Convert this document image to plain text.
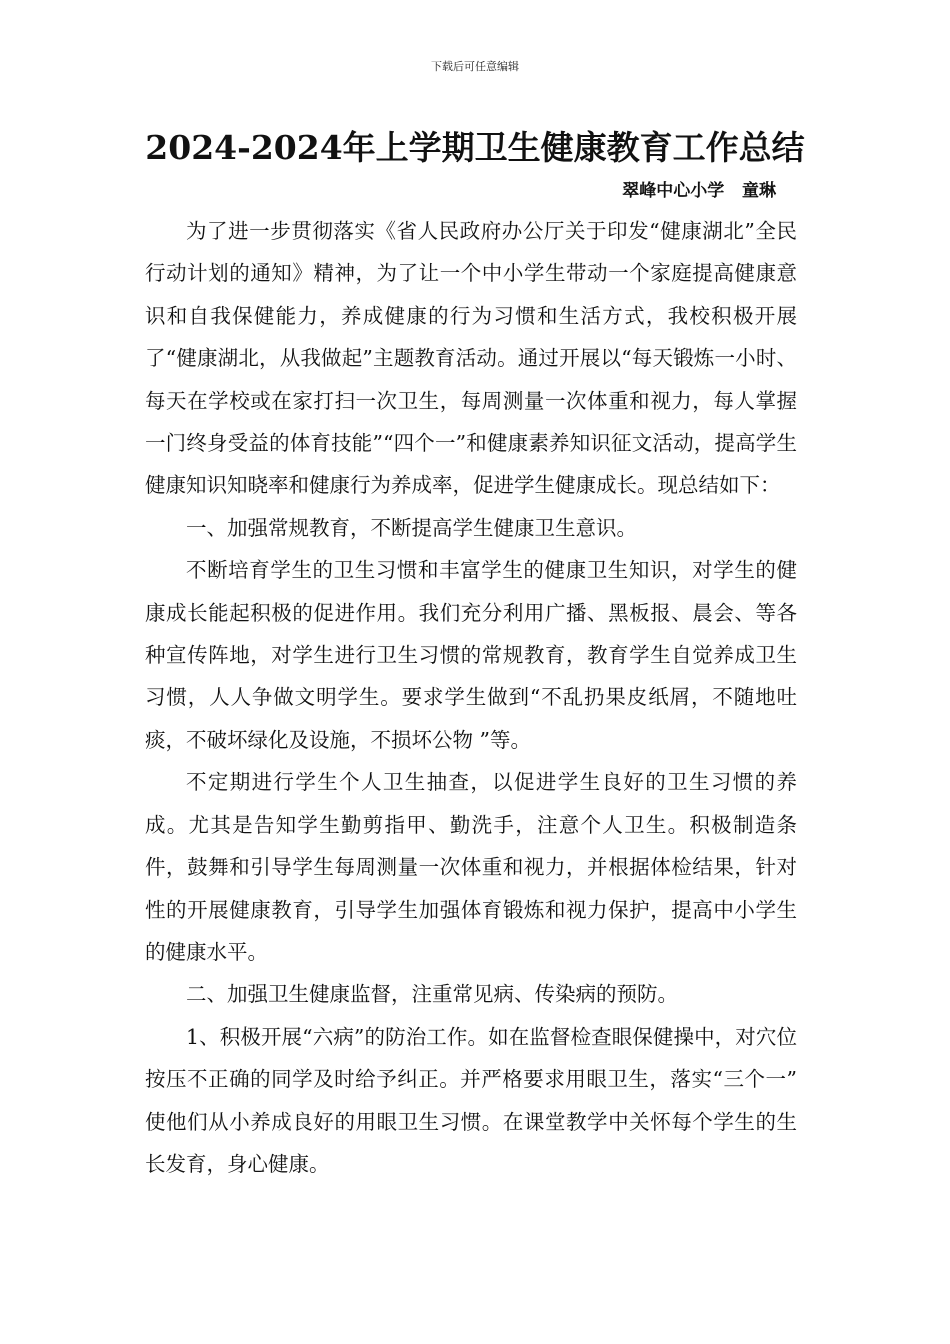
下载后可任意编辑
2024-2024年上学期卫生健康教育工作总结
翠峰中心小学   童琳

为了进一步贯彻落实《省人民政府办公厅关于印发“健康湖北”全民行动计划的通知》精神，为了让一个中小学生带动一个家庭提高健康意识和自我保健能力，养成健康的行为习惯和生活方式，我校积极开展了“健康湖北，从我做起”主题教育活动。通过开展以“每天锻炼一小时、每天在学校或在家打扫一次卫生，每周测量一次体重和视力，每人掌握一门终身受益的体育技能”“四个一”和健康素养知识征文活动，提高学生健康知识知晓率和健康行为养成率，促进学生健康成长。现总结如下：

一、加强常规教育，不断提高学生健康卫生意识。

不断培育学生的卫生习惯和丰富学生的健康卫生知识，对学生的健康成长能起积极的促进作用。我们充分利用广播、黑板报、晨会、等各种宣传阵地，对学生进行卫生习惯的常规教育，教育学生自觉养成卫生习惯，人人争做文明学生。要求学生做到“不乱扔果皮纸屑，不随地吐痰，不破坏绿化及设施，不损坏公物 ”等。

不定期进行学生个人卫生抽查，以促进学生良好的卫生习惯的养成。尤其是告知学生勤剪指甲、勤洗手，注意个人卫生。积极制造条件，鼓舞和引导学生每周测量一次体重和视力，并根据体检结果，针对性的开展健康教育，引导学生加强体育锻炼和视力保护，提高中小学生的健康水平。

二、加强卫生健康监督，注重常见病、传染病的预防。

1、积极开展“六病”的防治工作。如在监督检查眼保健操中，对穴位按压不正确的同学及时给予纠正。并严格要求用眼卫生，落实“三个一” 使他们从小养成良好的用眼卫生习惯。在课堂教学中关怀每个学生的生长发育，身心健康。
